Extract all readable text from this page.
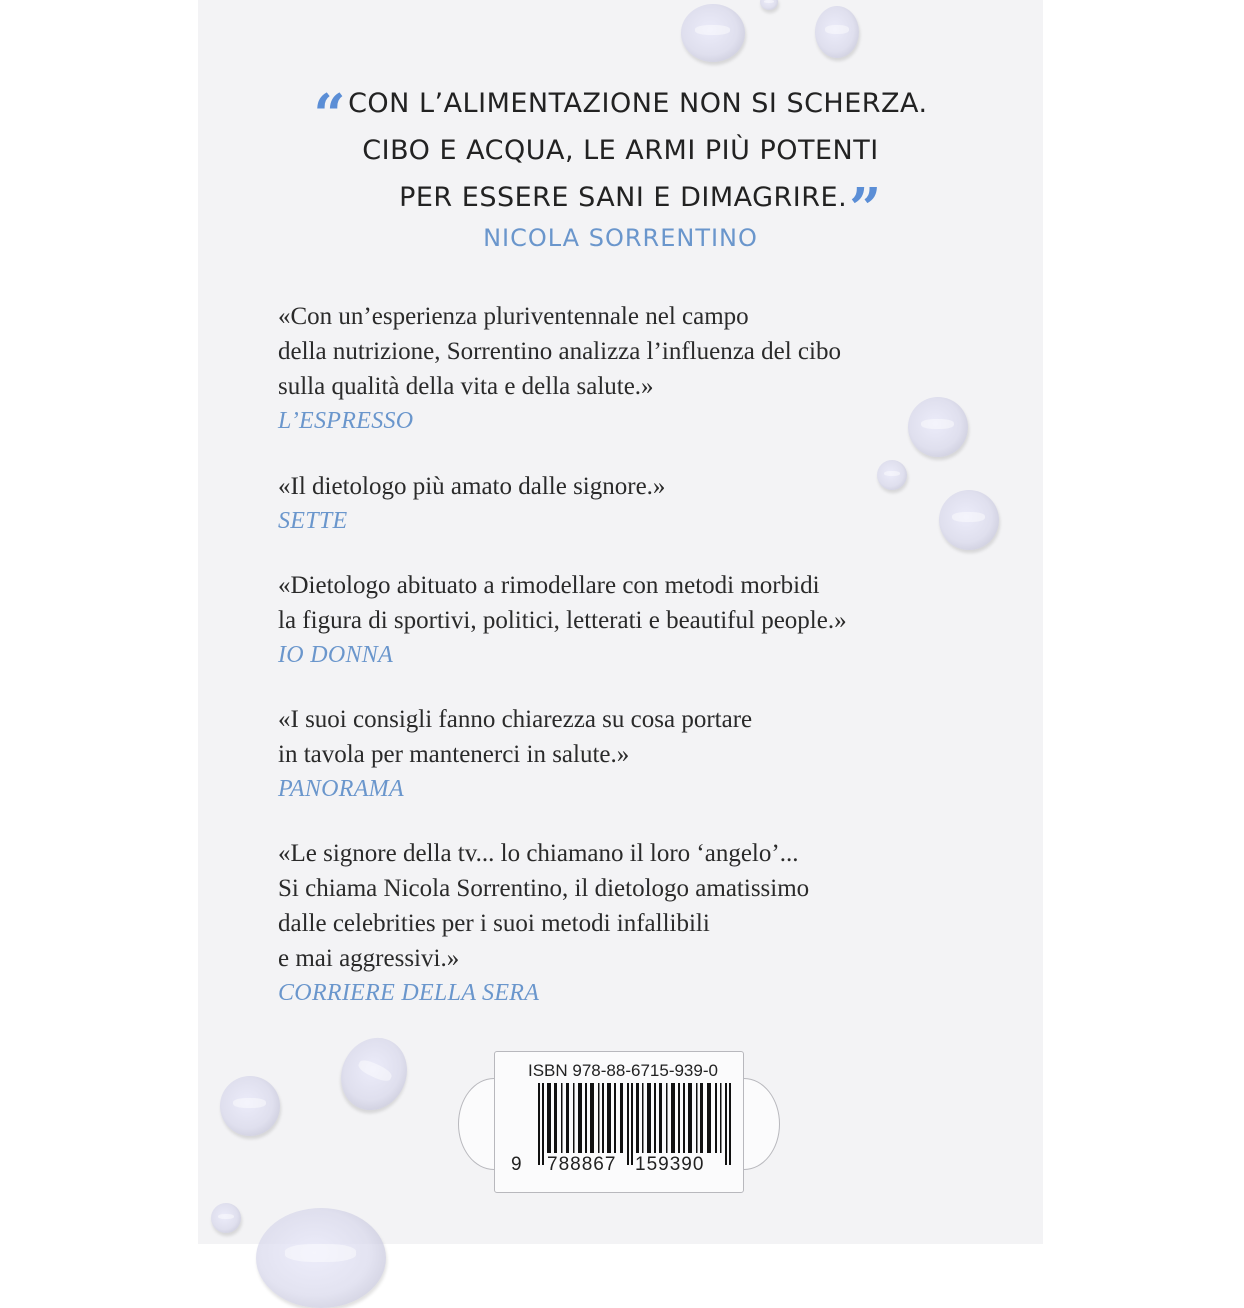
“CON L’ALIMENTAZIONE NON SI SCHERZA.
CIBO E ACQUA, LE ARMI PIÙ POTENTI
PER ESSERE SANI E DIMAGRIRE.”
NICOLA SORRENTINO
«Con un’esperienza pluriventennale nel campo
della nutrizione, Sorrentino analizza l’influenza del cibo
sulla qualità della vita e della salute.»
L’ESPRESSO
«Il dietologo più amato dalle signore.»
SETTE
«Dietologo abituato a rimodellare con metodi morbidi
la figura di sportivi, politici, letterati e beautiful people.»
IO DONNA
«I suoi consigli fanno chiarezza su cosa portare
in tavola per mantenerci in salute.»
PANORAMA
«Le signore della tv... lo chiamano il loro ‘angelo’...
Si chiama Nicola Sorrentino, il dietologo amatissimo
dalle celebrities per i suoi metodi infallibili
e mai aggressivi.»
CORRIERE DELLA SERA
ISBN 978-88-6715-939-0
9 788867 159390
